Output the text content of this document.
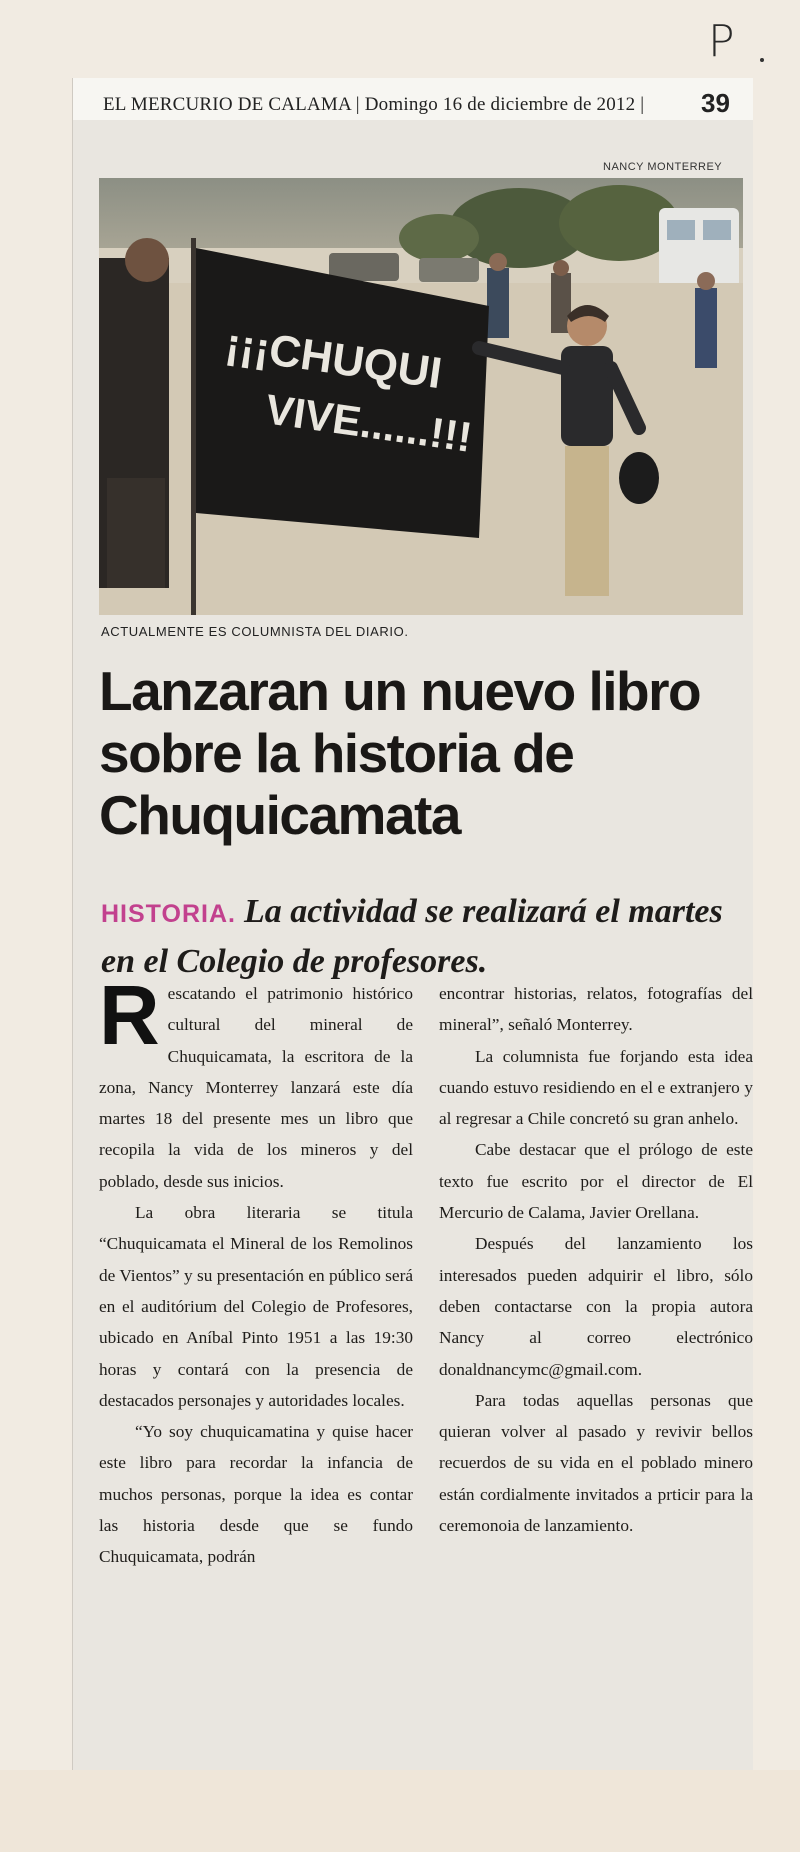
P
EL MERCURIO DE CALAMA | Domingo 16 de diciembre de 2012 | 39
NANCY MONTERREY
¡¡¡CHUQUI
VIVE......!!!
ACTUALMENTE ES COLUMNISTA DEL DIARIO.
Lanzaran un nuevo libro sobre la historia de Chuquicamata
HISTORIA. La actividad se realizará el martes en el Colegio de profesores.

Rescatando el patrimonio histórico cultural del mineral de Chuquicamata, la escritora de la zona, Nancy Monterrey lanzará este día martes 18 del presente mes un libro que recopila la vida de los mineros y del poblado, desde sus inicios.

La obra literaria se titula “Chuquicamata el Mineral de los Remolinos de Vientos” y su presentación en público será en el auditórium del Colegio de Profesores, ubicado en Aníbal Pinto 1951 a las 19:30 horas y contará con la presencia de destacados personajes y autoridades locales.

“Yo soy chuquicamatina y quise hacer este libro para recordar la infancia de muchos personas, porque la idea es contar las historia desde que se fundo Chuquicamata, podrán

encontrar historias, relatos, fotografías del mineral”, señaló Monterrey.

La columnista fue forjando esta idea cuando estuvo residiendo en el e extranjero y al regresar a Chile concretó su gran anhelo.

Cabe destacar que el prólogo de este texto fue escrito por el director de El Mercurio de Calama, Javier Orellana.

Después del lanzamiento los interesados pueden adquirir el libro, sólo deben contactarse con la propia autora Nancy al correo electrónico donaldnancymc@gmail.com.

Para todas aquellas personas que quieran volver al pasado y revivir bellos recuerdos de su vida en el poblado minero están cordialmente invitados a prticir para la ceremonoia de lanzamiento.
